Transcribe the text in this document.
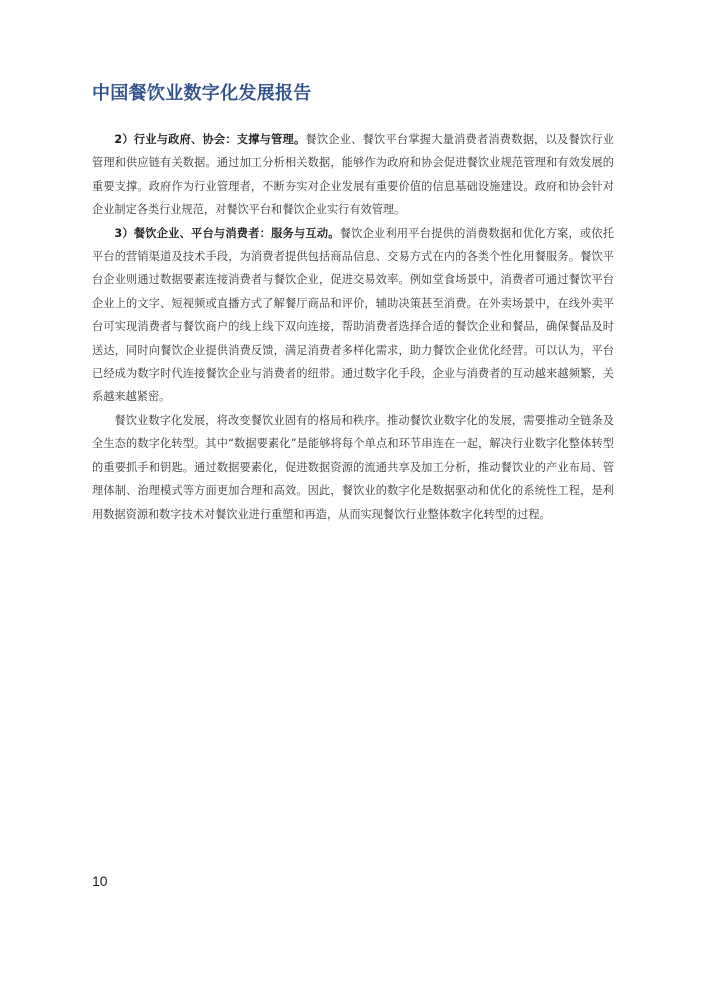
中国餐饮业数字化发展报告

2）行业与政府、协会：支撑与管理。餐饮企业、餐饮平台掌握大量消费者消费数据，以及餐饮行业管理和供应链有关数据。通过加工分析相关数据，能够作为政府和协会促进餐饮业规范管理和有效发展的重要支撑。政府作为行业管理者，不断夯实对企业发展有重要价值的信息基础设施建设。政府和协会针对企业制定各类行业规范，对餐饮平台和餐饮企业实行有效管理。

3）餐饮企业、平台与消费者：服务与互动。餐饮企业利用平台提供的消费数据和优化方案，或依托平台的营销渠道及技术手段，为消费者提供包括商品信息、交易方式在内的各类个性化用餐服务。餐饮平台企业则通过数据要素连接消费者与餐饮企业，促进交易效率。例如堂食场景中，消费者可通过餐饮平台企业上的文字、短视频或直播方式了解餐厅商品和评价，辅助决策甚至消费。在外卖场景中，在线外卖平台可实现消费者与餐饮商户的线上线下双向连接，帮助消费者选择合适的餐饮企业和餐品，确保餐品及时送达，同时向餐饮企业提供消费反馈，满足消费者多样化需求，助力餐饮企业优化经营。可以认为，平台已经成为数字时代连接餐饮企业与消费者的纽带。通过数字化手段，企业与消费者的互动越来越频繁，关系越来越紧密。

餐饮业数字化发展，将改变餐饮业固有的格局和秩序。推动餐饮业数字化的发展，需要推动全链条及全生态的数字化转型。其中“数据要素化”是能够将每个单点和环节串连在一起，解决行业数字化整体转型的重要抓手和钥匙。通过数据要素化，促进数据资源的流通共享及加工分析，推动餐饮业的产业布局、管理体制、治理模式等方面更加合理和高效。因此，餐饮业的数字化是数据驱动和优化的系统性工程，是利用数据资源和数字技术对餐饮业进行重塑和再造，从而实现餐饮行业整体数字化转型的过程。

10
